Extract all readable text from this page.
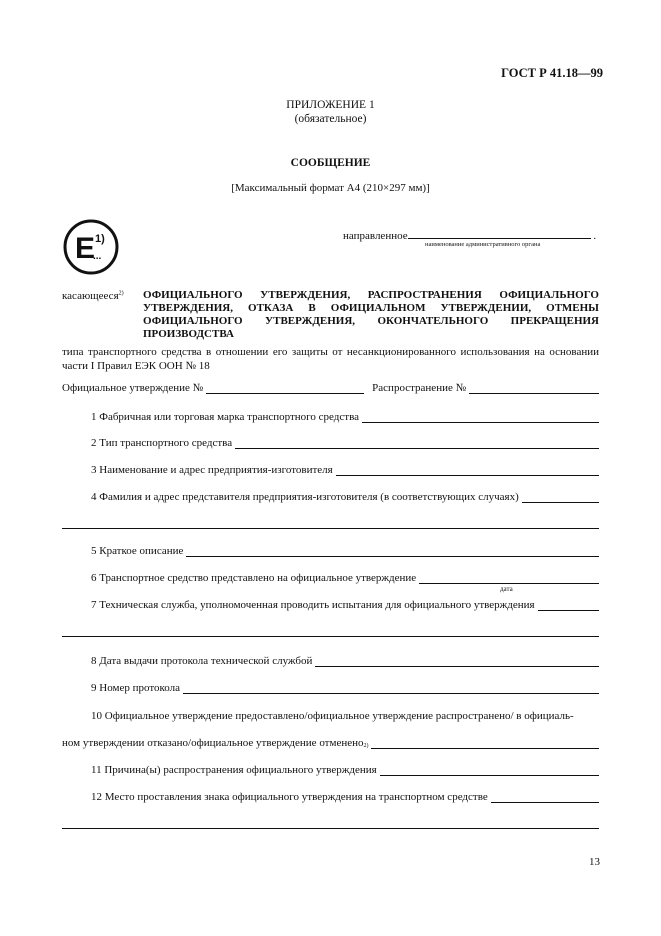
ГОСТ Р 41.18—99
ПРИЛОЖЕНИЕ 1
(обязательное)
СООБЩЕНИЕ
[Максимальный формат А4 (210×297 мм)]
E 1)
...
направленное	.
наименование административного органа
касающееся$^{2)}$ ОФИЦИАЛЬНОГО УТВЕРЖДЕНИЯ, РАСПРОСТРАНЕНИЯ ОФИЦИАЛЬНОГО УТВЕРЖДЕНИЯ, ОТКАЗА В ОФИЦИАЛЬНОМ УТВЕРЖДЕНИИ, ОТМЕНЫ ОФИЦИАЛЬНОГО УТВЕРЖДЕНИЯ, ОКОНЧАТЕЛЬНОГО ПРЕКРАЩЕНИЯ ПРОИЗВОДСТВА
типа транспортного средства в отношении его защиты от несанкционированного использования на основании части I Правил ЕЭК ООН № 18
Официальное утверждение №	Распространение №
1 Фабричная или торговая марка транспортного средства
2 Тип транспортного средства
3 Наименование и адрес предприятия-изготовителя
4 Фамилия и адрес представителя предприятия-изготовителя (в соответствующих случаях)
5 Краткое описание
6 Транспортное средство представлено на официальное утверждение
дата
7 Техническая служба, уполномоченная проводить испытания для официального утверждения
8 Дата выдачи протокола технической службой
9 Номер протокола
10 Официальное утверждение предоставлено/официальное утверждение распространено/ в официаль-
ном утверждении отказано/официальное утверждение отменено 2)
11 Причина(ы) распространения официального утверждения
12 Место проставления знака официального утверждения на транспортном средстве
13
